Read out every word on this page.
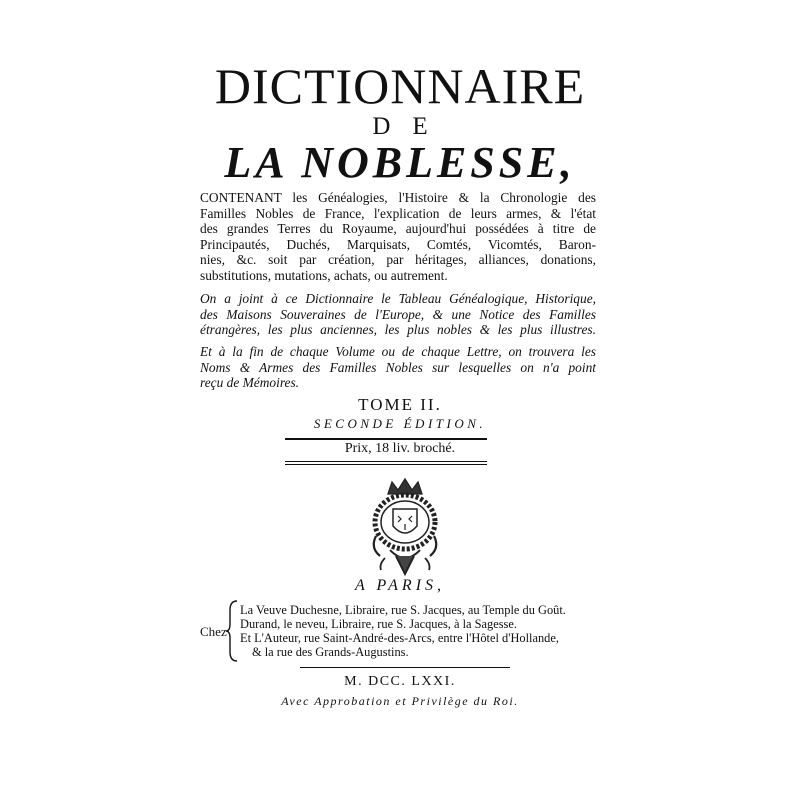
DICTIONNAIRE
DE
LA NOBLESSE,
CONTENANT les Généalogies, l'Histoire & la Chronologie des
Familles Nobles de France, l'explication de leurs armes, & l'état
des grandes Terres du Royaume, aujourd'hui possédées à titre de
Principautés, Duchés, Marquisats, Comtés, Vicomtés, Baron-
nies, &c. soit par création, par héritages, alliances, donations,
substitutions, mutations, achats, ou autrement.
On a joint à ce Dictionnaire le Tableau Généalogique, Historique,
des Maisons Souveraines de l'Europe, & une Notice des Familles
étrangères, les plus anciennes, les plus nobles & les plus illustres.
Et à la fin de chaque Volume ou de chaque Lettre, on trouvera les
Noms & Armes des Familles Nobles sur lesquelles on n'a point
reçu de Mémoires.
TOME II.
SECONDE ÉDITION.
Prix, 18 liv. broché.
A PARIS,
Chez
La Veuve Duchesne, Libraire, rue S. Jacques, au Temple du Goût.
Durand, le neveu, Libraire, rue S. Jacques, à la Sagesse.
Et L'Auteur, rue Saint-André-des-Arcs, entre l'Hôtel d'Hollande,
& la rue des Grands-Augustins.
M. DCC. LXXI.
Avec Approbation et Privilège du Roi.
